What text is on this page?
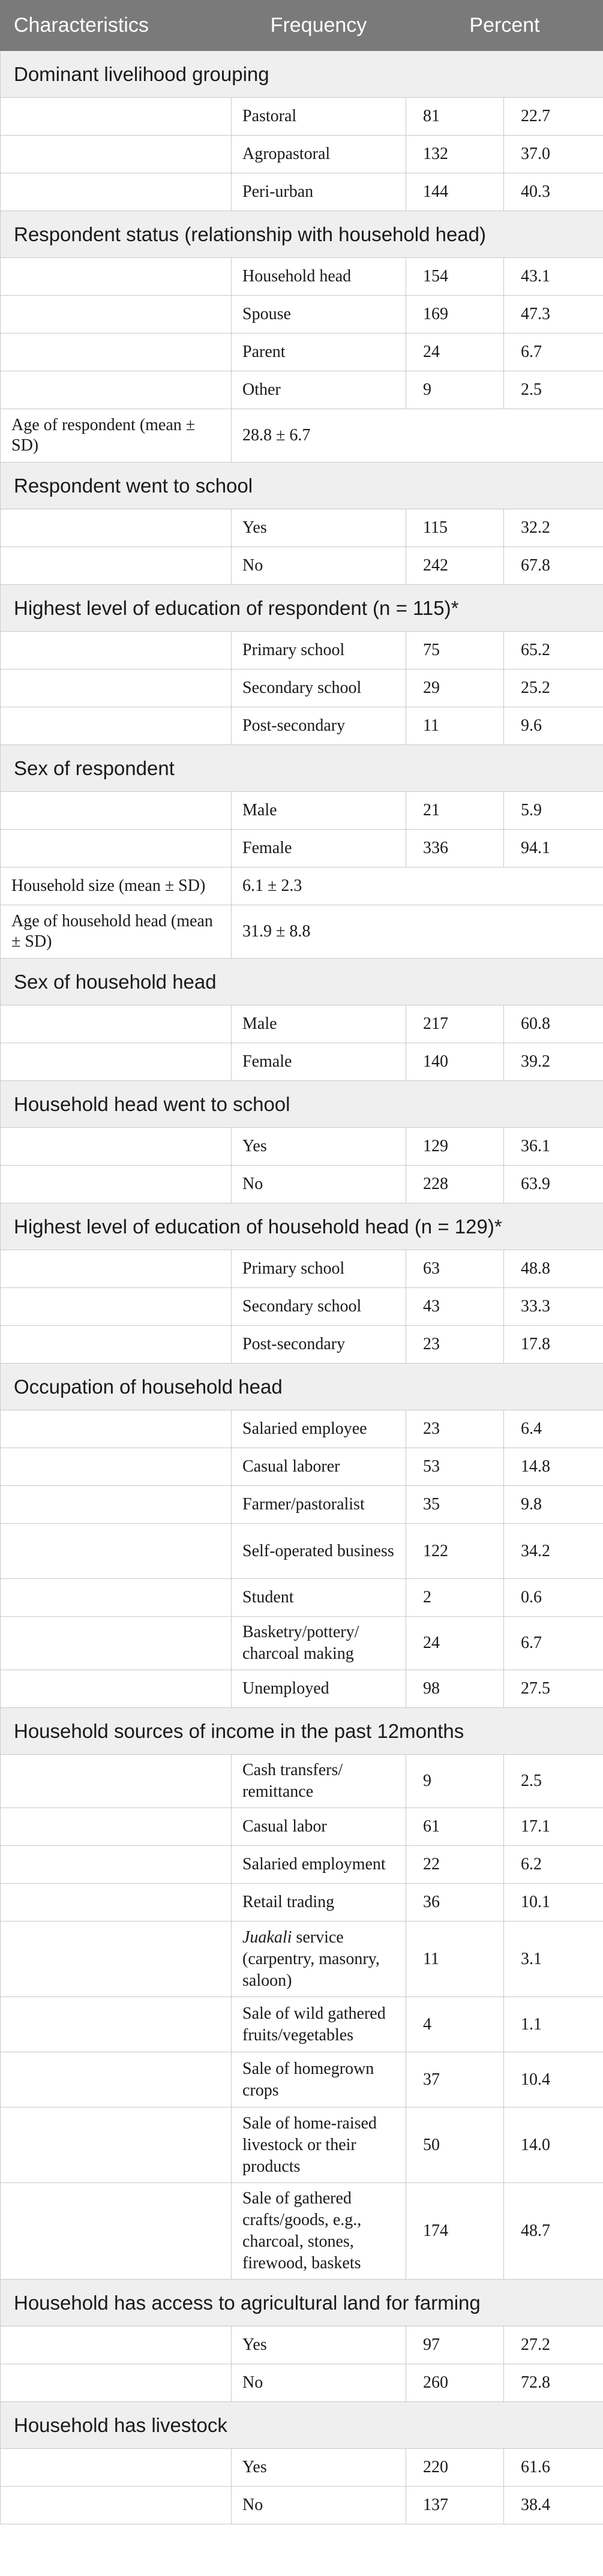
Characteristics	Frequency	Percent	
Dominant livelihood grouping			
	Pastoral	81	22.7
	Agropastoral	132	37.0
	Peri-urban	144	40.3
Respondent status (relationship with household head)			
	Household head	154	43.1
	Spouse	169	47.3
	Parent	24	6.7
	Other	9	2.5
Age of respondent (mean ± SD)	28.8 ± 6.7		
Respondent went to school			
	Yes	115	32.2
	No	242	67.8
Highest level of education of respondent (n = 115)*			
	Primary school	75	65.2
	Secondary school	29	25.2
	Post-secondary	11	9.6
Sex of respondent			
	Male	21	5.9
	Female	336	94.1
Household size (mean ± SD)	6.1 ± 2.3		
Age of household head (mean ± SD)	31.9 ± 8.8		
Sex of household head			
	Male	217	60.8
	Female	140	39.2
Household head went to school			
	Yes	129	36.1
	No	228	63.9
Highest level of education of household head (n = 129)*			
	Primary school	63	48.8
	Secondary school	43	33.3
	Post-secondary	23	17.8
Occupation of household head			
	Salaried employee	23	6.4
	Casual laborer	53	14.8
	Farmer/pastoralist	35	9.8
	Self-operated business	122	34.2
	Student	2	0.6
	Basketry/pottery/ charcoal making	24	6.7
	Unemployed	98	27.5
Household sources of income in the past 12months			
	Cash transfers/ remittance	9	2.5
	Casual labor	61	17.1
	Salaried employment	22	6.2
	Retail trading	36	10.1
	Juakali service (carpentry, masonry, saloon)	11	3.1
	Sale of wild gathered fruits/vegetables	4	1.1
	Sale of homegrown crops	37	10.4
	Sale of home-raised livestock or their products	50	14.0
	Sale of gathered crafts/goods, e.g., charcoal, stones, firewood, baskets	174	48.7
Household has access to agricultural land for farming			
	Yes	97	27.2
	No	260	72.8
Household has livestock			
	Yes	220	61.6
	No	137	38.4
